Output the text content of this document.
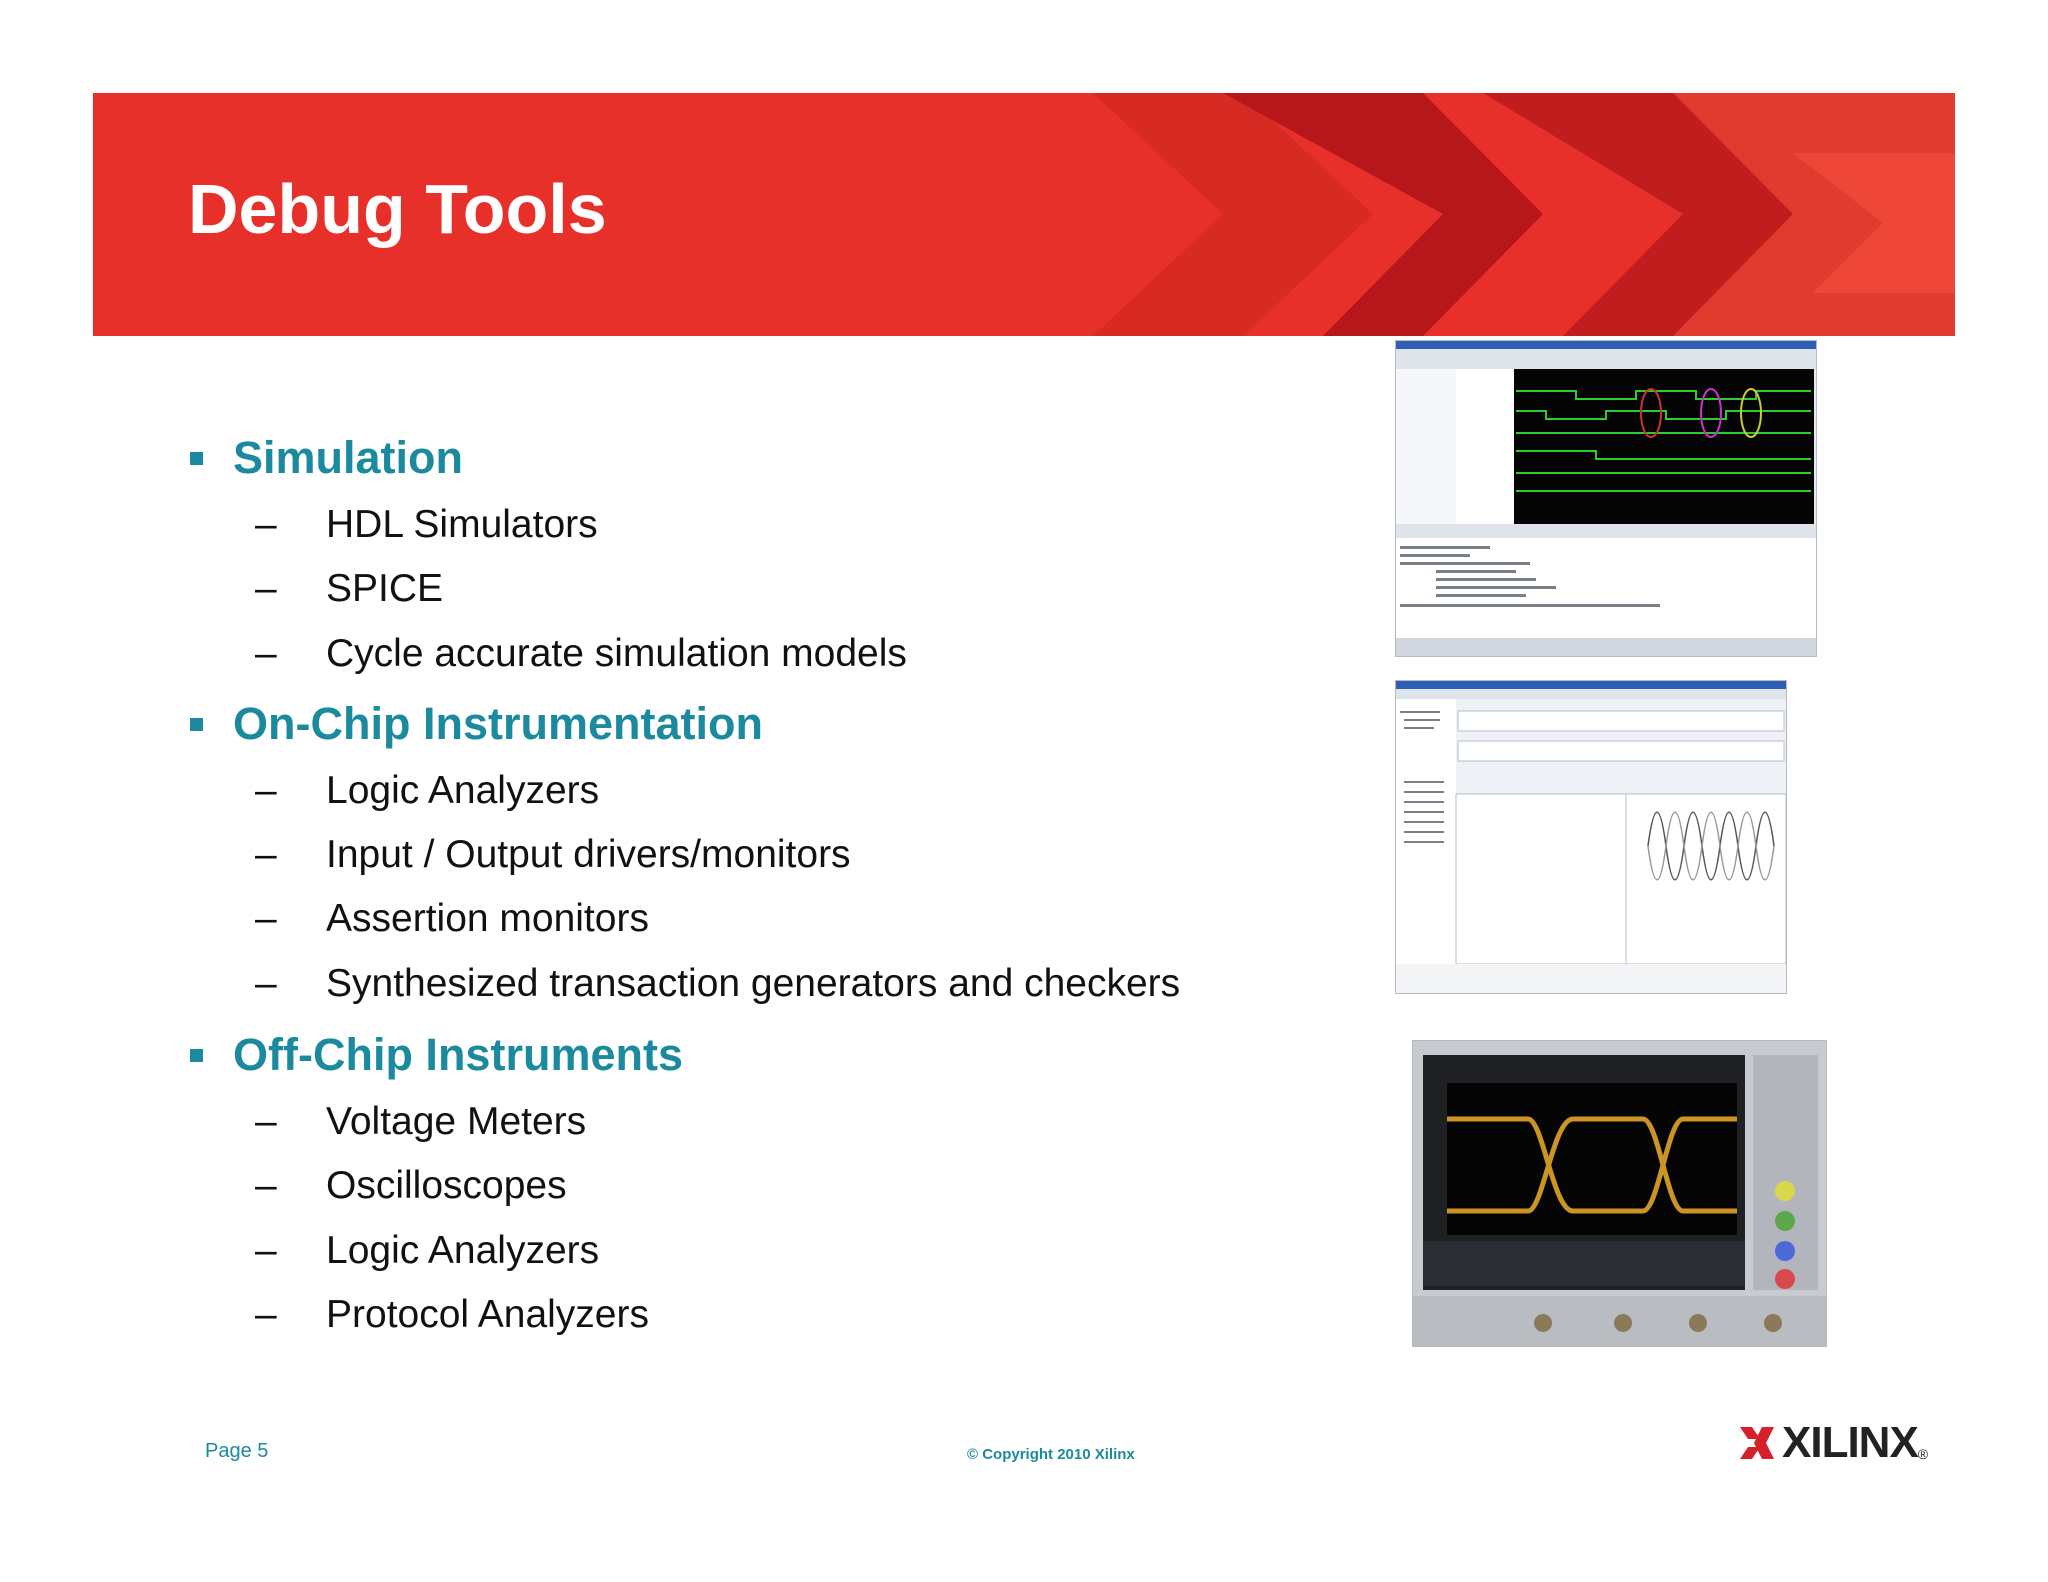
Debug Tools
Simulation
– HDL Simulators
– SPICE
– Cycle accurate simulation models
On-Chip Instrumentation
– Logic Analyzers
– Input / Output drivers/monitors
– Assertion monitors
– Synthesized transaction generators and checkers
Off-Chip Instruments
– Voltage Meters
– Oscilloscopes
– Logic Analyzers
– Protocol Analyzers
Page 5	© Copyright 2010 Xilinx	XILINX ®
